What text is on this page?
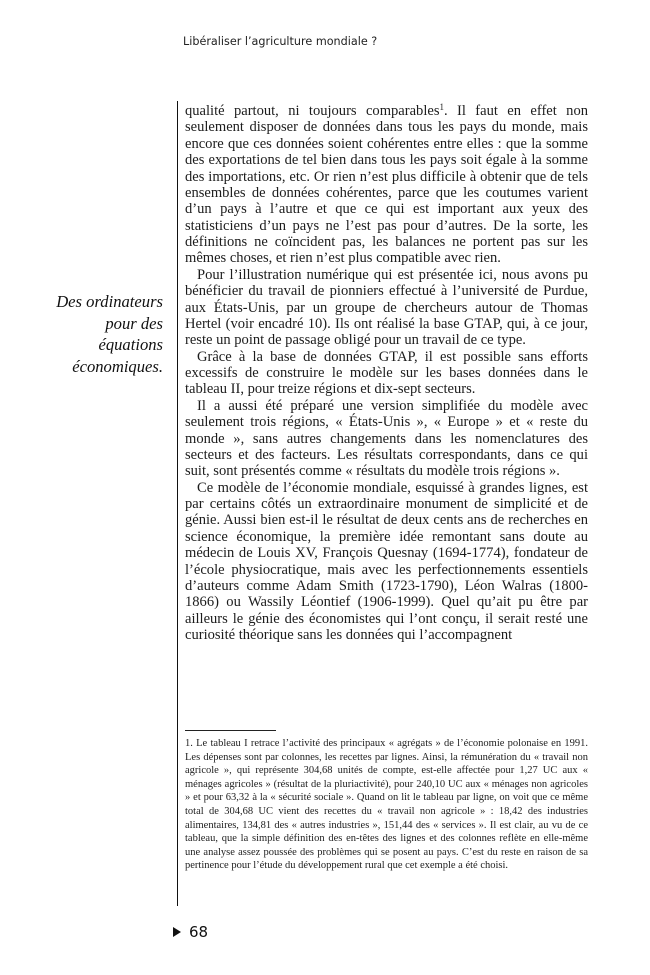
Libéraliser l’agriculture mondiale ?
Des ordinateurs
pour des
équations
économiques.

qualité partout, ni toujours comparables$^1$. Il faut en effet non seulement disposer de données dans tous les pays du monde, mais encore que ces données soient cohérentes entre elles : que la somme des exportations de tel bien dans tous les pays soit égale à la somme des importations, etc. Or rien n’est plus difficile à obtenir que de tels ensembles de données cohérentes, parce que les coutumes varient d’un pays à l’autre et que ce qui est important aux yeux des statisticiens d’un pays ne l’est pas pour d’autres. De la sorte, les définitions ne coïncident pas, les balances ne portent pas sur les mêmes choses, et rien n’est plus compatible avec rien.

Pour l’illustration numérique qui est présentée ici, nous avons pu bénéficier du travail de pionniers effectué à l’université de Purdue, aux États-Unis, par un groupe de chercheurs autour de Thomas Hertel (voir encadré 10). Ils ont réalisé la base GTAP, qui, à ce jour, reste un point de passage obligé pour un travail de ce type.

Grâce à la base de données GTAP, il est possible sans efforts excessifs de construire le modèle sur les bases données dans le tableau II, pour treize régions et dix-sept secteurs.

Il a aussi été préparé une version simplifiée du modèle avec seulement trois régions, « États-Unis », « Europe » et « reste du monde », sans autres changements dans les nomenclatures des secteurs et des facteurs. Les résultats correspondants, dans ce qui suit, sont présentés comme « résultats du modèle trois régions ».

Ce modèle de l’économie mondiale, esquissé à grandes lignes, est par certains côtés un extraordinaire monument de simplicité et de génie. Aussi bien est-il le résultat de deux cents ans de recherches en science économique, la première idée remontant sans doute au médecin de Louis XV, François Quesnay (1694-1774), fondateur de l’école physiocratique, mais avec les perfectionnements essentiels d’auteurs comme Adam Smith (1723-1790), Léon Walras (1800-1866) ou Wassily Léontief (1906-1999). Quel qu’ait pu être par ailleurs le génie des économistes qui l’ont conçu, il serait resté une curiosité théorique sans les données qui l’accompagnent

1. Le tableau I retrace l’activité des principaux « agrégats » de l’économie polonaise en 1991. Les dépenses sont par colonnes, les recettes par lignes. Ainsi, la rémunération du « travail non agricole », qui représente 304,68 unités de compte, est-elle affectée pour 1,27 UC aux « ménages agricoles » (résultat de la pluriactivité), pour 240,10 UC aux « ménages non agricoles » et pour 63,32 à la « sécurité sociale ». Quand on lit le tableau par ligne, on voit que ce même total de 304,68 UC vient des recettes du « travail non agricole » : 18,42 des industries alimentaires, 134,81 des « autres industries », 151,44 des « services ». Il est clair, au vu de ce tableau, que la simple définition des en-têtes des lignes et des colonnes reflète en elle-même une analyse assez poussée des problèmes qui se posent au pays. C’est du reste en raison de sa pertinence pour l’étude du développement rural que cet exemple a été choisi.

68
